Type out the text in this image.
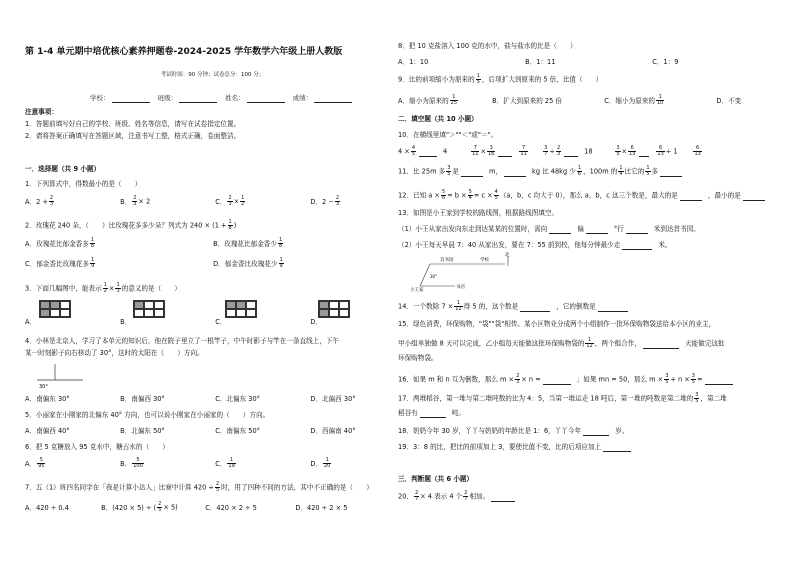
第 1-4 单元期中培优核心素养押题卷-2024-2025 学年数学六年级上册人教版
考试时间：90 分钟；试卷总分：100 分；
学校：	班级：	姓名：	成绩：
注意事项：
1．答题前填写好自己的学校、班级、姓名等信息，请写在试卷指定位置。
2．请将答案正确填写在答题区域，注意书写工整，格式正确，卷面整洁。
一．选择题（共 9 小题）
1．下列算式中，得数最小的是（　　）
A．$2 + \frac{2}{3}$	B． $\frac{2}{3} \times 2$	C． $\frac{2}{3} \times \frac{1}{2}$	D．$2 - \frac{2}{3}$
2．玫瑰花 240 朵，（　　）比玫瑰花多多少朵？列式为 $240 \times (1 + \frac{1}{8}$ )
A．玫瑰花比郁金香多 $\frac{1}{8}$	B．玫瑰花比郁金香少 $\frac{1}{8}$
C．郁金香比玫瑰花多 $\frac{1}{9}$	D．郁金香比玫瑰花少 $\frac{1}{9}$
3．下面几幅图中，能表示 $\frac{1}{2} \times \frac{1}{3}$ 的意义的是（　　）
A．	B．	C．	D．
4．小林是北京人，学习了本单元的知识后，他在院子里立了一根竿子，中午时影子与竿在一条直线上，下午
某一时刻影子向右移动了 30°，这时的太阳在（　　）方向。
30°
A．南偏东 30°	B．南偏西 30°	C．北偏东 30°	D．北偏西 30°
5．小丽家在小刚家的北偏东 40° 方向，也可以说小刚家在小丽家的（　　）方向。
A．南偏西 40°	B．北偏东 50°	C．南偏东 50°	D．西偏南 40°
6．把 5 克糖放入 95 克水中，糖占水的（　　）
A． $\frac{5}{95}$	B． $\frac{5}{100}$	C． $\frac{1}{19}$	D． $\frac{1}{20}$
7．五（1）班四名同学在「我是计算小达人」比赛中计算 $420 \div \frac{2}{5}$ 时，用了四种不同的方法，其中不正确的是（　　）
A．420 ÷ 0.4	B．(420 × 5) ÷ ( $\frac{2}{5} \times 5$)	C．420 × 2 ÷ 5	D．420 ÷ 2 × 5
8．把 10 克盐溶入 100 克的水中，盐与盐水的比是（　　）
A．1：10	B．1：11	C．1：9
9．比的前项缩小为原来的 $\frac{1}{5}$ ，后项扩大到原来的 5 倍，比值（　　）
A．缩小为原来的 $\frac{1}{25}$	B．扩大到原来的 25 倍	C．缩小为原来的 $\frac{1}{10}$	D．不变
二．填空题（共 10 小题）
10．在横线里填"＞""＜"或"＝"。
$4 \times \frac{4}{5}$	4	$\frac{7}{11} \times \frac{3}{16}$	$\frac{7}{11}$
	$\frac{3}{7} \div \frac{2}{3}$	18	$\frac{3}{5} \times \frac{6}{13}$	$\frac{6}{13} \div 1$	$\frac{6}{13}$
11．比 25m 多 $\frac{3}{5}$ 是	m，	kg 比 48kg 少 $\frac{1}{6}$ ，100m 的 $\frac{1}{4}$ 比它的 $\frac{1}{5}$ 多
12．已知 $a \times \frac{5}{6} = b \times \frac{5}{4} = c \times \frac{4}{5} (a$，b，c 均大于 0），那么 a，b，c 这三个数是，最大的是	，最小的是
13．如图是小王家到学校的路线图，根据路线图填空。
（1）小王从家出发向东走到达某某的位置时，需向	偏	°行	米到达首书园。
（2）小王每天早晨 7：40 从家出发，要在 7：55 前到校，他每分钟最少走	米。
首书园	学校
小王家
书店
北
30°
14．一个数除 $7 \times \frac{1}{12}$ 得 5 的，这个数是	，它的倒数是
15．绿色消费，环保购物，"袋""袋"相传。某小区物业分成两个小组制作一批环保购物袋送给本小区的业主，
甲小组单独做 8 天可以完成，乙小组每天能做这批环保购物袋的 $\frac{1}{12}$ ，两个组合作，	天能做完这批
环保购物袋。
16．如果 m 和 n 互为倒数，那么 $m \times \frac{2}{3} \times n$ =	；如果 mn = 50，那么 $m \times \frac{3}{5} + n \times \frac{3}{5}$ =
17．两堆稻谷，第一堆与第二堆吨数的比为 4：5，当第一堆运走 18 吨后，第一堆的吨数是第二堆的 $\frac{3}{5}$ ，第二堆
稻谷有	吨。
18．奶奶今年 30 岁，丫丫与奶奶的年龄比是 1：6，丫丫今年	岁。
19．3：8 的比，把比的前项加上 3，要使比值不变，比的后项应加上
三．判断题（共 6 小题）
20． $\frac{2}{7} \times 4$ 表示 4 个 $\frac{2}{7}$ 相加。
